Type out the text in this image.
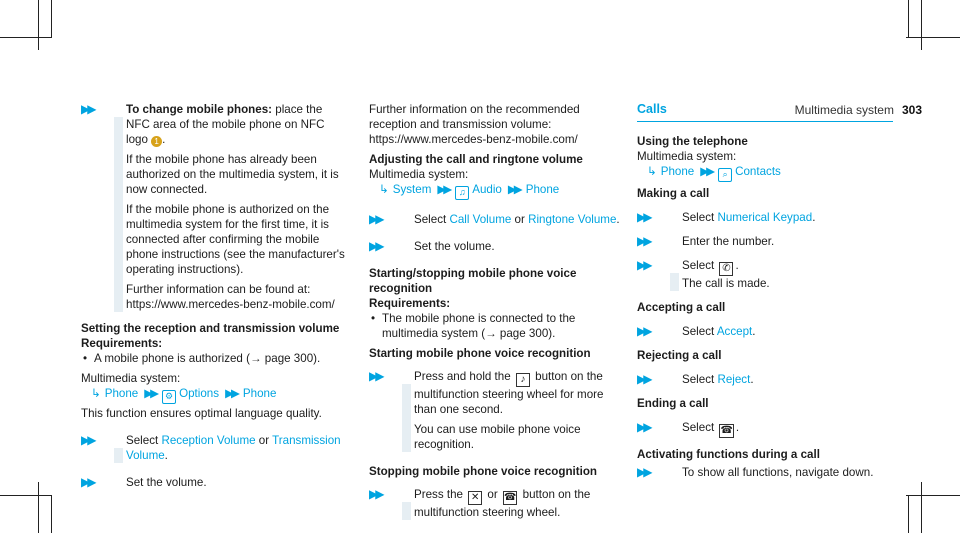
Multimedia system 303
▶▶	To change mobile phones: place the NFC area of the mobile phone on NFC logo 1 .

If the mobile phone has already been authorized on the multimedia system, it is now connected.

If the mobile phone is authorized on the multimedia system for the first time, it is connected after confirming the mobile phone instructions (see the manufacturer's operating instructions).

Further information can be found at:
https://www.mercedes-benz-mobile.com/

Setting the reception and transmission volume

Requirements:

• A mobile phone is authorized (→ page 300).
Multimedia system:
↳ Phone ▶▶ ⚙ Options ▶▶ Phone

This function ensures optimal language quality.

▶▶	Select Reception Volume or Transmission Volume.
▶▶	Set the volume.

Further information on the recommended reception and transmission volume: https://www.mercedes-benz-mobile.com/

Adjusting the call and ringtone volume

Multimedia system:
↳ System ▶▶ ♫ Audio ▶▶ Phone
▶▶	Select Call Volume or Ringtone Volume.
▶▶	Set the volume.

Starting/stopping mobile phone voice recognition

Requirements:

• The mobile phone is connected to the multimedia system (→ page 300).

Starting mobile phone voice recognition

▶▶	Press and hold the ♪ button on the multifunction steering wheel for more than one second.

You can use mobile phone voice recognition.

Stopping mobile phone voice recognition

▶▶	Press the ✕ or ☎ button on the multifunction steering wheel.
Calls

Using the telephone

Multimedia system:
↳ Phone ▶▶ ⌕ Contacts

Making a call

▶▶	Select Numerical Keypad.
▶▶	Enter the number.
▶▶	Select ✆ .
The call is made.

Accepting a call

▶▶	Select Accept.

Rejecting a call

▶▶	Select Reject.

Ending a call

▶▶	Select ☎ .

Activating functions during a call

▶▶	To show all functions, navigate down.
